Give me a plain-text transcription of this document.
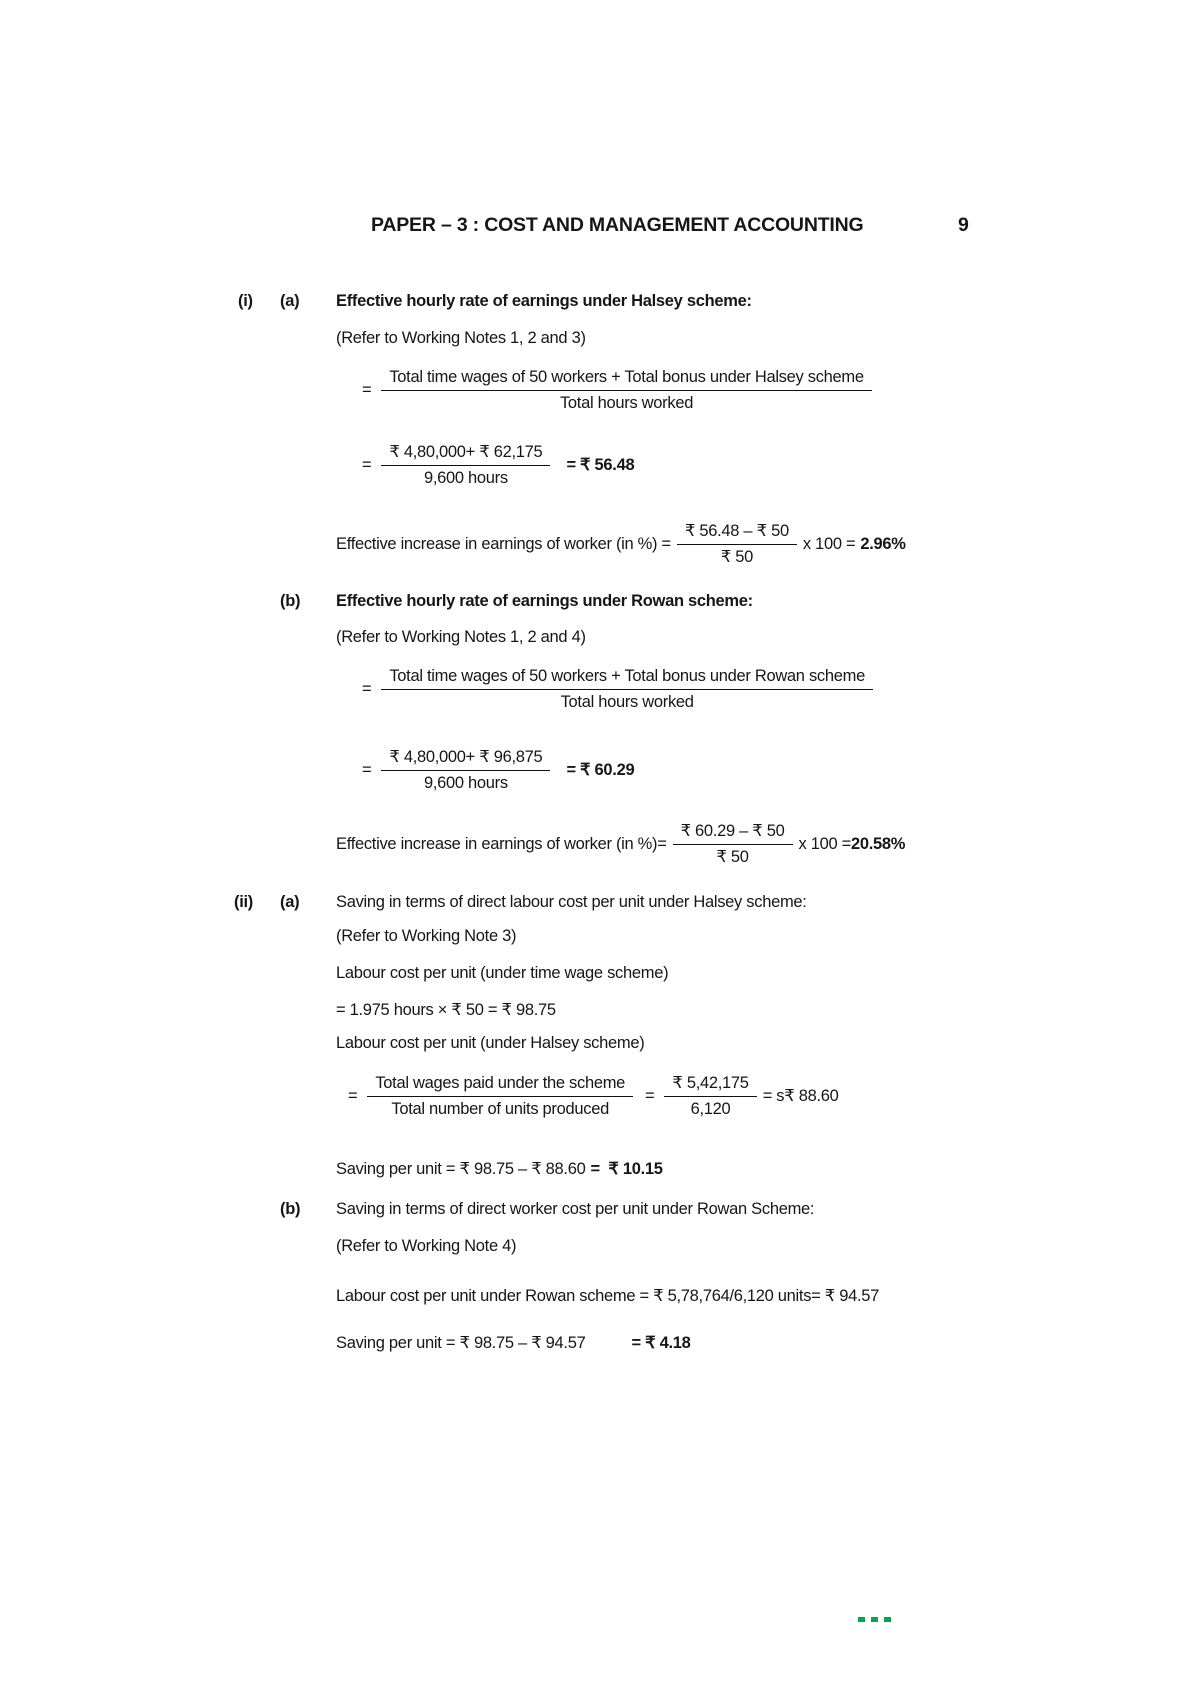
PAPER – 3 : COST AND MANAGEMENT ACCOUNTING	9
(i)	(a)	Effective hourly rate of earnings under Halsey scheme:
(Refer to Working Notes 1, 2 and 3)
=
Total time wages of 50 workers + Total bonus under Halsey scheme
Total hours worked
= $\frac{₹ 4,80,000+ ₹ 62,175}{\text{9,600 hours}}$ = ₹ 56.48
Effective increase in earnings of worker (in %) = $\frac{₹ 56.48 - ₹ 50}{₹ 50}$ x 100 = 2.96%
(b)	Effective hourly rate of earnings under Rowan scheme:
(Refer to Working Notes 1, 2 and 4)
=
Total time wages of 50 workers + Total bonus under Rowan scheme
Total hours worked
= $\frac{₹ 4,80,000+ ₹ 96,875}{\text{9,600 hours}}$ = ₹ 60.29
Effective increase in earnings of worker (in %)= $\frac{₹ 60.29 - ₹ 50}{₹ 50}$ x 100 = 20.58%
(ii)	(a)	Saving in terms of direct labour cost per unit under Halsey scheme:
(Refer to Working Note 3)
Labour cost per unit (under time wage scheme)
= 1.975 hours × ₹ 50 = ₹ 98.75
Labour cost per unit (under Halsey scheme)
= $\frac{\text{Total wages paid under the scheme}}{\text{Total number of units produced}} = \frac{₹ 5,42,175}{6,120}$ = s₹ 88.60
Saving per unit = ₹ 98.75 – ₹ 88.60 =  ₹ 10.15
(b)	Saving in terms of direct worker cost per unit under Rowan Scheme:
(Refer to Working Note 4)
Labour cost per unit under Rowan scheme = ₹ 5,78,764/6,120 units= ₹ 94.57
Saving per unit = ₹ 98.75 – ₹ 94.57	= ₹ 4.18
